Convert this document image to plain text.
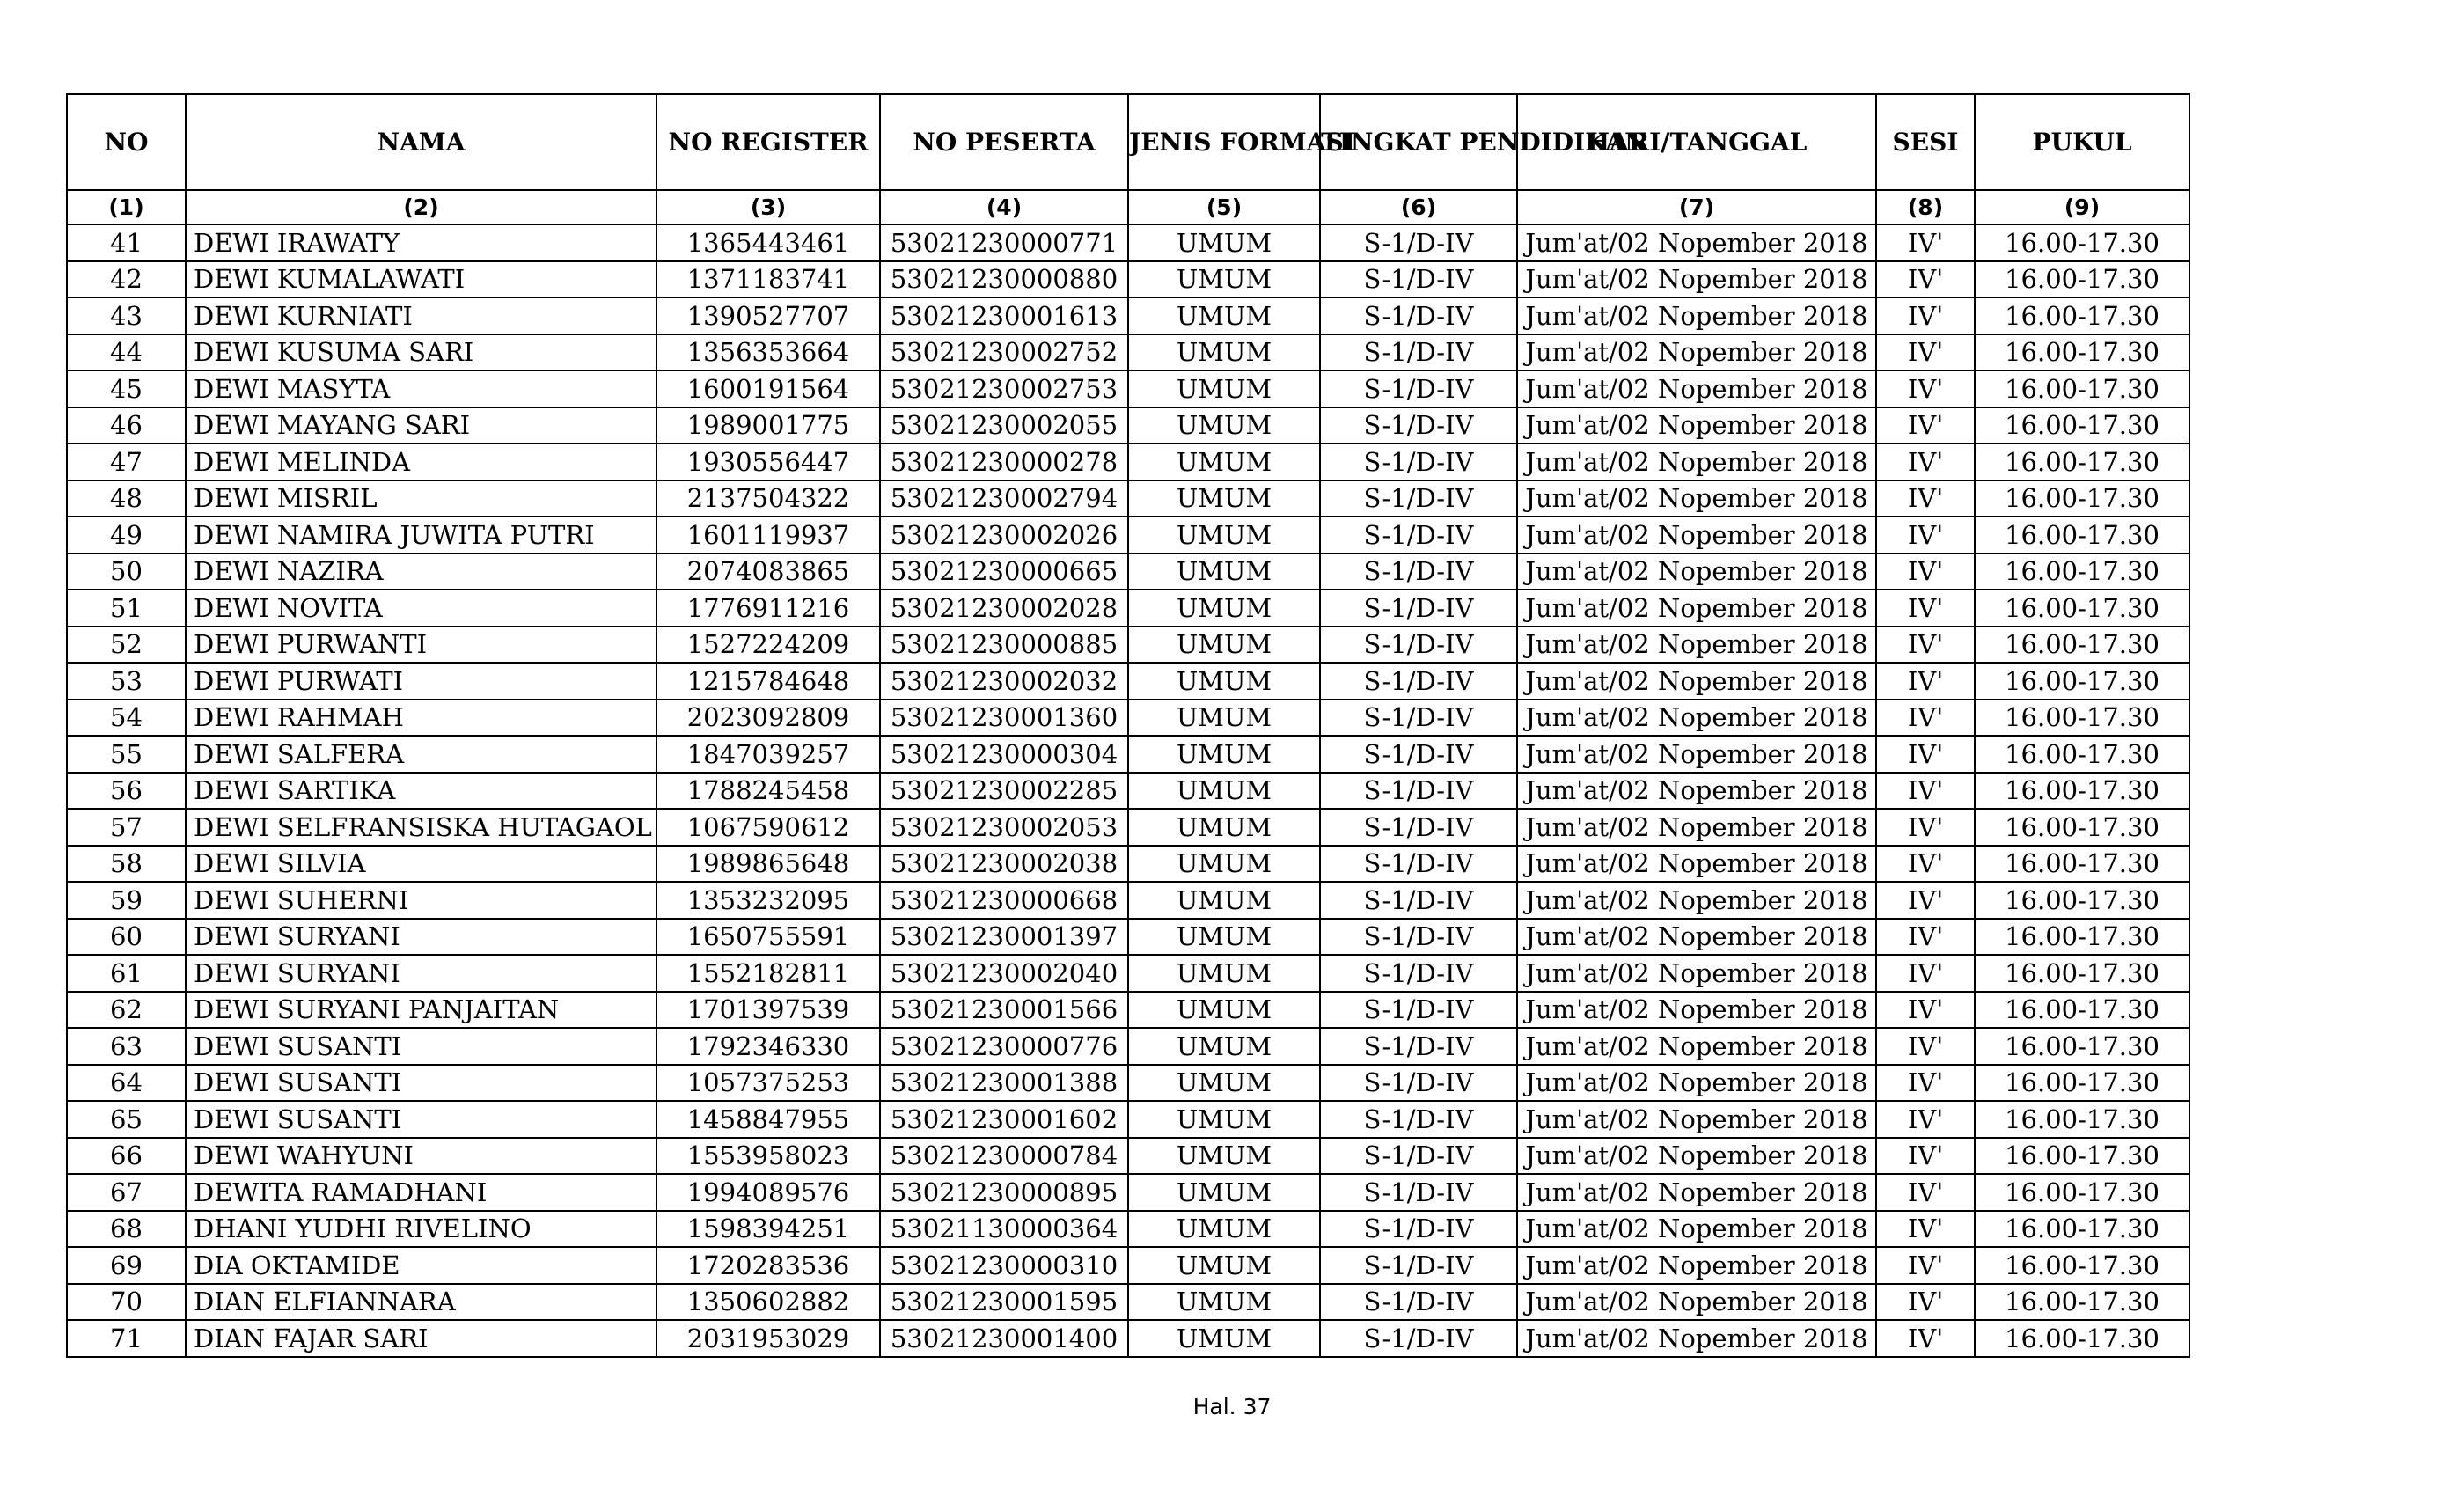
NO	NAMA	NO REGISTER	NO PESERTA	JENIS FORMASI	TINGKAT PENDIDIKAN	HARI/TANGGAL	SESI	PUKUL
(1)	(2)	(3)	(4)	(5)	(6)	(7)	(8)	(9)
41	DEWI IRAWATY	1365443461	53021230000771	UMUM	S-1/D-IV	Jum'at/02 Nopember 2018	IV'	16.00-17.30
42	DEWI KUMALAWATI	1371183741	53021230000880	UMUM	S-1/D-IV	Jum'at/02 Nopember 2018	IV'	16.00-17.30
43	DEWI KURNIATI	1390527707	53021230001613	UMUM	S-1/D-IV	Jum'at/02 Nopember 2018	IV'	16.00-17.30
44	DEWI KUSUMA SARI	1356353664	53021230002752	UMUM	S-1/D-IV	Jum'at/02 Nopember 2018	IV'	16.00-17.30
45	DEWI MASYTA	1600191564	53021230002753	UMUM	S-1/D-IV	Jum'at/02 Nopember 2018	IV'	16.00-17.30
46	DEWI MAYANG SARI	1989001775	53021230002055	UMUM	S-1/D-IV	Jum'at/02 Nopember 2018	IV'	16.00-17.30
47	DEWI MELINDA	1930556447	53021230000278	UMUM	S-1/D-IV	Jum'at/02 Nopember 2018	IV'	16.00-17.30
48	DEWI MISRIL	2137504322	53021230002794	UMUM	S-1/D-IV	Jum'at/02 Nopember 2018	IV'	16.00-17.30
49	DEWI NAMIRA JUWITA PUTRI	1601119937	53021230002026	UMUM	S-1/D-IV	Jum'at/02 Nopember 2018	IV'	16.00-17.30
50	DEWI NAZIRA	2074083865	53021230000665	UMUM	S-1/D-IV	Jum'at/02 Nopember 2018	IV'	16.00-17.30
51	DEWI NOVITA	1776911216	53021230002028	UMUM	S-1/D-IV	Jum'at/02 Nopember 2018	IV'	16.00-17.30
52	DEWI PURWANTI	1527224209	53021230000885	UMUM	S-1/D-IV	Jum'at/02 Nopember 2018	IV'	16.00-17.30
53	DEWI PURWATI	1215784648	53021230002032	UMUM	S-1/D-IV	Jum'at/02 Nopember 2018	IV'	16.00-17.30
54	DEWI RAHMAH	2023092809	53021230001360	UMUM	S-1/D-IV	Jum'at/02 Nopember 2018	IV'	16.00-17.30
55	DEWI SALFERA	1847039257	53021230000304	UMUM	S-1/D-IV	Jum'at/02 Nopember 2018	IV'	16.00-17.30
56	DEWI SARTIKA	1788245458	53021230002285	UMUM	S-1/D-IV	Jum'at/02 Nopember 2018	IV'	16.00-17.30
57	DEWI SELFRANSISKA HUTAGAOL	1067590612	53021230002053	UMUM	S-1/D-IV	Jum'at/02 Nopember 2018	IV'	16.00-17.30
58	DEWI SILVIA	1989865648	53021230002038	UMUM	S-1/D-IV	Jum'at/02 Nopember 2018	IV'	16.00-17.30
59	DEWI SUHERNI	1353232095	53021230000668	UMUM	S-1/D-IV	Jum'at/02 Nopember 2018	IV'	16.00-17.30
60	DEWI SURYANI	1650755591	53021230001397	UMUM	S-1/D-IV	Jum'at/02 Nopember 2018	IV'	16.00-17.30
61	DEWI SURYANI	1552182811	53021230002040	UMUM	S-1/D-IV	Jum'at/02 Nopember 2018	IV'	16.00-17.30
62	DEWI SURYANI PANJAITAN	1701397539	53021230001566	UMUM	S-1/D-IV	Jum'at/02 Nopember 2018	IV'	16.00-17.30
63	DEWI SUSANTI	1792346330	53021230000776	UMUM	S-1/D-IV	Jum'at/02 Nopember 2018	IV'	16.00-17.30
64	DEWI SUSANTI	1057375253	53021230001388	UMUM	S-1/D-IV	Jum'at/02 Nopember 2018	IV'	16.00-17.30
65	DEWI SUSANTI	1458847955	53021230001602	UMUM	S-1/D-IV	Jum'at/02 Nopember 2018	IV'	16.00-17.30
66	DEWI WAHYUNI	1553958023	53021230000784	UMUM	S-1/D-IV	Jum'at/02 Nopember 2018	IV'	16.00-17.30
67	DEWITA RAMADHANI	1994089576	53021230000895	UMUM	S-1/D-IV	Jum'at/02 Nopember 2018	IV'	16.00-17.30
68	DHANI YUDHI RIVELINO	1598394251	53021130000364	UMUM	S-1/D-IV	Jum'at/02 Nopember 2018	IV'	16.00-17.30
69	DIA OKTAMIDE	1720283536	53021230000310	UMUM	S-1/D-IV	Jum'at/02 Nopember 2018	IV'	16.00-17.30
70	DIAN ELFIANNARA	1350602882	53021230001595	UMUM	S-1/D-IV	Jum'at/02 Nopember 2018	IV'	16.00-17.30
71	DIAN FAJAR SARI	2031953029	53021230001400	UMUM	S-1/D-IV	Jum'at/02 Nopember 2018	IV'	16.00-17.30
Hal. 37
